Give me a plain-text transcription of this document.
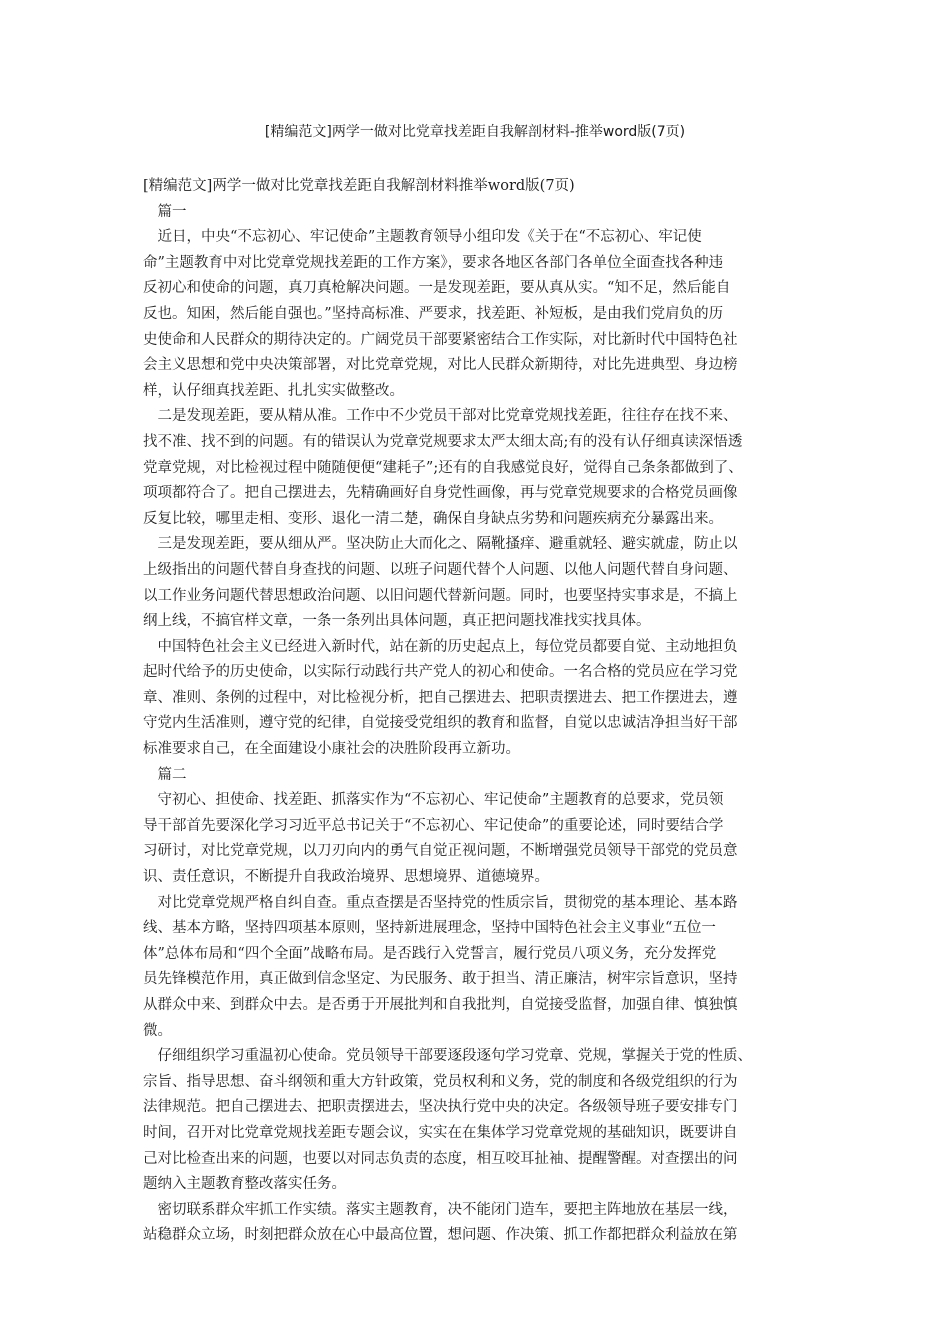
[精编范文]两学一做对比党章找差距自我解剖材料-推举word版(7页)
[精编范文]两学一做对比党章找差距自我解剖材料推举word版(7页)
　篇一
　近日，中央“不忘初心、牢记使命”主题教育领导小组印发《关于在“不忘初心、牢记使
命”主题教育中对比党章党规找差距的工作方案》，要求各地区各部门各单位全面查找各种违
反初心和使命的问题，真刀真枪解决问题。一是发现差距，要从真从实。“知不足，然后能自
反也。知困，然后能自强也。”坚持高标准、严要求，找差距、补短板，是由我们党肩负的历
史使命和人民群众的期待决定的。广阔党员干部要紧密结合工作实际，对比新时代中国特色社
会主义思想和党中央决策部署，对比党章党规，对比人民群众新期待，对比先进典型、身边榜
样，认仔细真找差距、扎扎实实做整改。
　二是发现差距，要从精从准。工作中不少党员干部对比党章党规找差距，往往存在找不来、
找不准、找不到的问题。有的错误认为党章党规要求太严太细太高;有的没有认仔细真读深悟透
党章党规，对比检视过程中随随便便“建耗子”;还有的自我感觉良好，觉得自己条条都做到了、
项项都符合了。把自己摆进去，先精确画好自身党性画像，再与党章党规要求的合格党员画像
反复比较，哪里走相、变形、退化一清二楚，确保自身缺点劣势和问题疾病充分暴露出来。
　三是发现差距，要从细从严。坚决防止大而化之、隔靴搔痒、避重就轻、避实就虚，防止以
上级指出的问题代替自身查找的问题、以班子问题代替个人问题、以他人问题代替自身问题、
以工作业务问题代替思想政治问题、以旧问题代替新问题。同时，也要坚持实事求是，不搞上
纲上线，不搞官样文章，一条一条列出具体问题，真正把问题找准找实找具体。
　中国特色社会主义已经进入新时代，站在新的历史起点上，每位党员都要自觉、主动地担负
起时代给予的历史使命，以实际行动践行共产党人的初心和使命。一名合格的党员应在学习党
章、准则、条例的过程中，对比检视分析，把自己摆进去、把职责摆进去、把工作摆进去，遵
守党内生活准则，遵守党的纪律，自觉接受党组织的教育和监督，自觉以忠诚洁净担当好干部
标准要求自己，在全面建设小康社会的决胜阶段再立新功。
　篇二
　守初心、担使命、找差距、抓落实作为“不忘初心、牢记使命”主题教育的总要求，党员领
导干部首先要深化学习习近平总书记关于“不忘初心、牢记使命”的重要论述，同时要结合学
习研讨，对比党章党规，以刀刃向内的勇气自觉正视问题，不断增强党员领导干部党的党员意
识、责任意识，不断提升自我政治境界、思想境界、道德境界。
　对比党章党规严格自纠自查。重点查摆是否坚持党的性质宗旨，贯彻党的基本理论、基本路
线、基本方略，坚持四项基本原则，坚持新进展理念，坚持中国特色社会主义事业“五位一
体”总体布局和“四个全面”战略布局。是否践行入党誓言，履行党员八项义务，充分发挥党
员先锋模范作用，真正做到信念坚定、为民服务、敢于担当、清正廉洁，树牢宗旨意识，坚持
从群众中来、到群众中去。是否勇于开展批判和自我批判，自觉接受监督，加强自律、慎独慎
微。
　仔细组织学习重温初心使命。党员领导干部要逐段逐句学习党章、党规，掌握关于党的性质、
宗旨、指导思想、奋斗纲领和重大方针政策，党员权利和义务，党的制度和各级党组织的行为
法律规范。把自己摆进去、把职责摆进去，坚决执行党中央的决定。各级领导班子要安排专门
时间，召开对比党章党规找差距专题会议，实实在在集体学习党章党规的基础知识，既要讲自
己对比检查出来的问题，也要以对同志负责的态度，相互咬耳扯袖、提醒警醒。对查摆出的问
题纳入主题教育整改落实任务。
　密切联系群众牢抓工作实绩。落实主题教育，决不能闭门造车，要把主阵地放在基层一线，
站稳群众立场，时刻把群众放在心中最高位置，想问题、作决策、抓工作都把群众利益放在第
